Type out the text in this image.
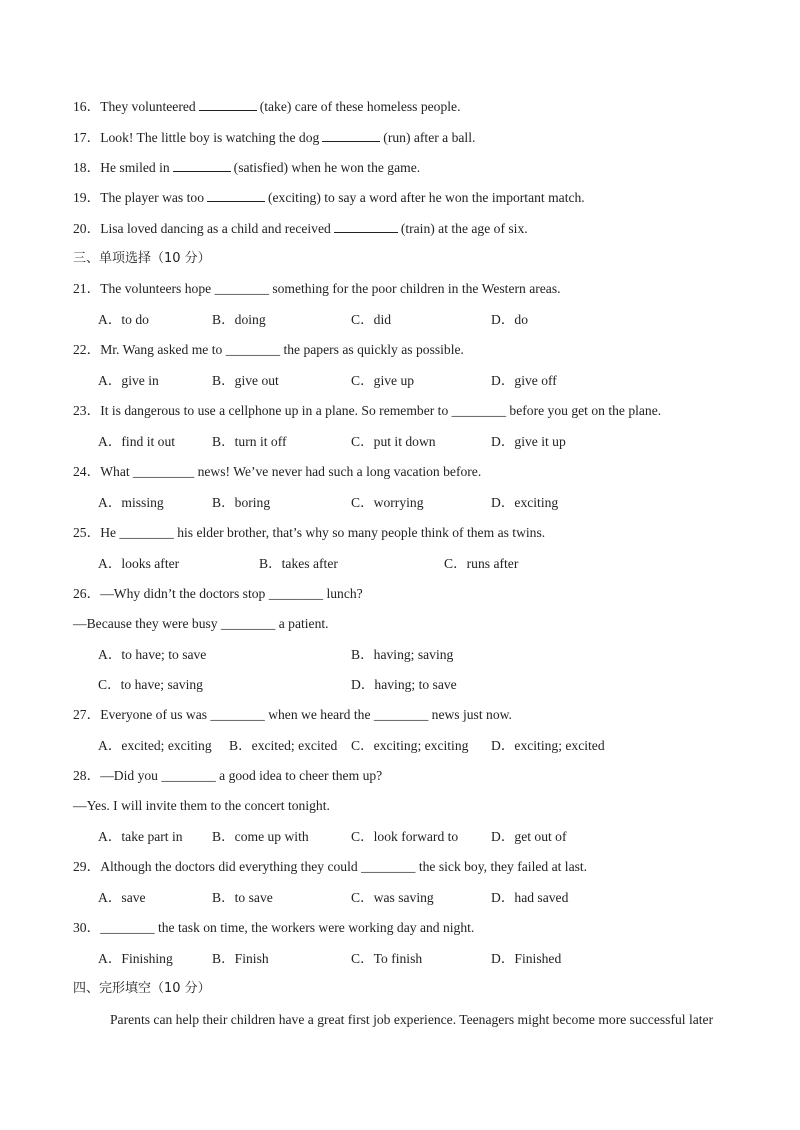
16．They volunteered	(take) care of these homeless people.
17．Look! The little boy is watching the dog	(run) after a ball.
18．He smiled in	(satisfied) when he won the game.
19．The player was too	(exciting) to say a word after he won the important match.
20．Lisa loved dancing as a child and received	(train) at the age of six.
三、单项选择（10 分）
21．The volunteers hope ________ something for the poor children in the Western areas.
A．to do	B．doing	C．did	D．do
22．Mr. Wang asked me to ________ the papers as quickly as possible.
A．give in	B．give out	C．give up	D．give off
23．It is dangerous to use a cellphone up in a plane. So remember to ________ before you get on the plane.
A．find it out	B．turn it off	C．put it down	D．give it up
24．What _________ news! We’ve never had such a long vacation before.
A．missing	B．boring	C．worrying	D．exciting
25．He ________ his elder brother, that’s why so many people think of them as twins.
A．looks after	B．takes after	C．runs after
26．—Why didn’t the doctors stop ________ lunch?
—Because they were busy ________ a patient.
A．to have; to save	B．having; saving
C．to have; saving	D．having; to save
27．Everyone of us was ________ when we heard the ________ news just now.
A．excited; exciting B．excited; excited C．exciting; exciting D．exciting; excited
28．—Did you ________ a good idea to cheer them up?
—Yes. I will invite them to the concert tonight.
A．take part in B．come up with	C．look forward to D．get out of
29．Although the doctors did everything they could ________ the sick boy, they failed at last.
A．save	B．to save	C．was saving	D．had saved
30．________ the task on time, the workers were working day and night.
A．Finishing	B．Finish	C．To finish	D．Finished
四、完形填空（10 分）
Parents can help their children have a great first job experience. Teenagers might become more successful later
